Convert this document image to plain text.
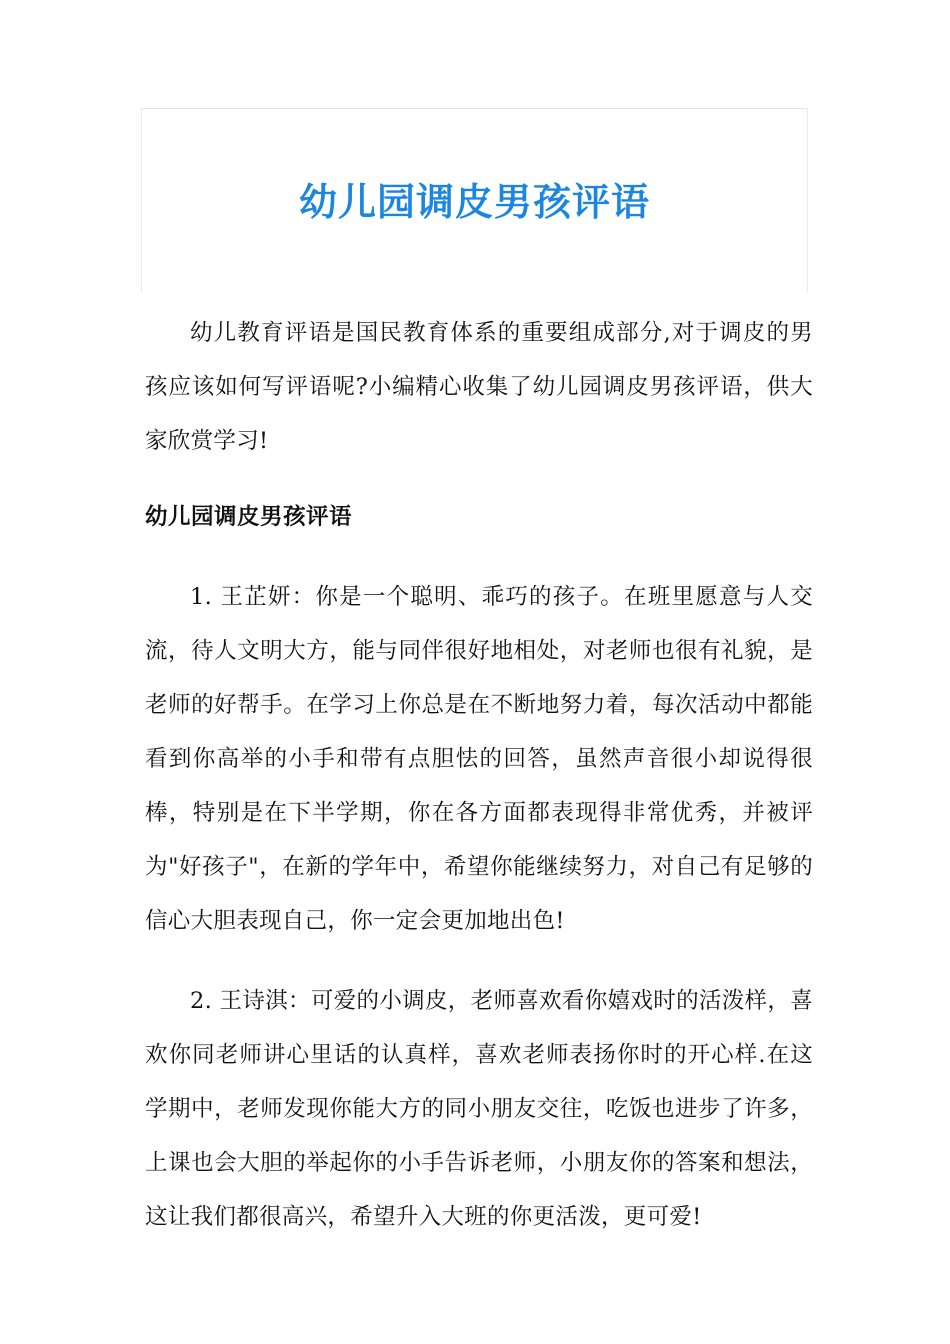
幼儿园调皮男孩评语

幼儿教育评语是国民教育体系的重要组成部分,对于调皮的男孩应该如何写评语呢?小编精心收集了幼儿园调皮男孩评语，供大家欣赏学习!

幼儿园调皮男孩评语

1. 王芷妍：你是一个聪明、乖巧的孩子。在班里愿意与人交流，待人文明大方，能与同伴很好地相处，对老师也很有礼貌，是老师的好帮手。在学习上你总是在不断地努力着，每次活动中都能看到你高举的小手和带有点胆怯的回答，虽然声音很小却说得很棒，特别是在下半学期，你在各方面都表现得非常优秀，并被评为"好孩子"，在新的学年中，希望你能继续努力，对自己有足够的信心大胆表现自己，你一定会更加地出色!

2. 王诗淇：可爱的小调皮，老师喜欢看你嬉戏时的活泼样，喜欢你同老师讲心里话的认真样，喜欢老师表扬你时的开心样.在这学期中，老师发现你能大方的同小朋友交往，吃饭也进步了许多，上课也会大胆的举起你的小手告诉老师，小朋友你的答案和想法，这让我们都很高兴，希望升入大班的你更活泼，更可爱!
